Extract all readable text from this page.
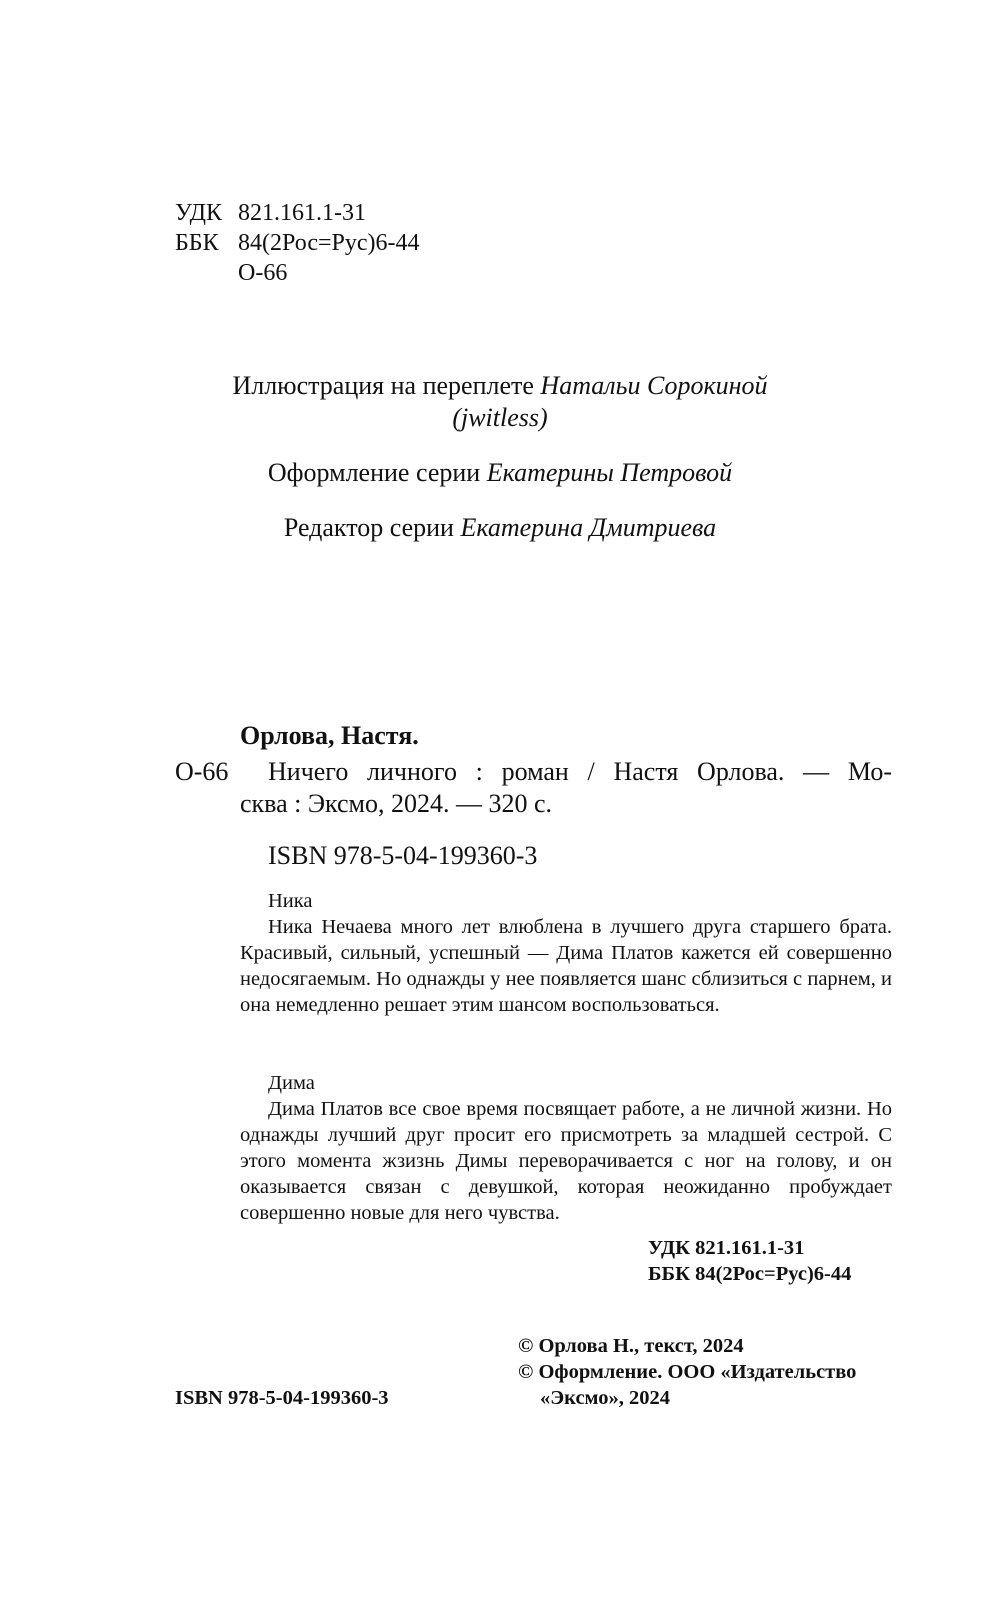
УДК 821.161.1-31
ББК 84(2Рос=Рус)6-44
О-66
Иллюстрация на переплете Натальи Сорокиной
(jwitless)
Оформление серии Екатерины Петровой
Редактор серии Екатерина Дмитриева
Орлова, Настя.
О-66 Ничего личного : роман / Настя Орлова. — Мо-
сква : Эксмо, 2024. — 320 с.
ISBN 978-5-04-199360-3
Ника
Ника Нечаева много лет влюблена в лучшего друга старшего брата. Красивый, сильный, успешный — Дима Платов кажется ей совершенно недосягаемым. Но однажды у нее появляется шанс сблизиться с парнем, и она немедленно решает этим шансом воспользоваться.
Дима
Дима Платов все свое время посвящает работе, а не личной жизни. Но однажды лучший друг просит его присмотреть за младшей сестрой. С этого момента жзизнь Димы переворачивается с ног на голову, и он оказывается связан с девушкой, которая неожиданно пробуждает совершенно новые для него чувства.
УДК 821.161.1-31
ББК 84(2Рос=Рус)6-44
ISBN 978-5-04-199360-3
© Орлова Н., текст, 2024
© Оформление. ООО «Издательство
«Эксмо», 2024
